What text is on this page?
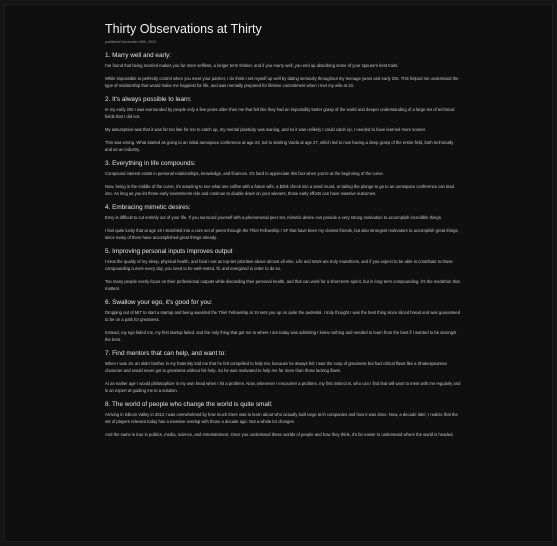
Thirty Observations at Thirty
published November 30th, 2024
1. Marry well and early:

I've found that being married makes you far more selfless, a longer term thinker, and if you marry well, you end up absorbing some of your spouse's best traits.

While impossible to perfectly control when you meet your partner, I do think I set myself up well by dating seriously throughout my teenage years and early 20s. This helped me understand the type of relationship that would make me happiest for life, and was mentally prepared for lifetime commitment when I met my wife at 23.

2. It's always possible to learn:

In my early 20s I was surrounded by people only a few years older than me that felt like they had an impossibly better grasp of the world and deeper understanding of a large set of technical fields that I did not.

My assumption was that it was far too late for me to catch up, my mental plasticity was waning, and so it was unlikely I could catch up, I needed to have learned more sooner.

This was wrong. What started as going to an initial aerospace conference at age 23, led to starting Varda at age 27, which led to now having a deep grasp of the entire field, both technically and as an industry.

3. Everything in life compounds:

Compound interest exists in personal relationships, knowledge, and finances. It's hard to appreciate this fact when you're at the beginning of the curve.

Now, being in the middle of the curve, it's amazing to see what one coffee with a future wife, a $25k check into a seed round, or taking the plunge to go to an aerospace conference can lead into. As long as you let those early investments ride and continue to double down on your winners, those early efforts can have massive outcomes.

4. Embracing mimetic desires:

Envy is difficult to cut entirely out of your life. If you surround yourself with a phenomenal peer set, mimetic desire can provide a very strong motivation to accomplish incredible things.

I feel quite lucky that at age 19 I stumbled into a core set of peers through the Thiel Fellowship / SF that have been my closest friends, but also strongest motivators to accomplish great things, since many of them have accomplished great things already.

5. Improving personal inputs improves output

I treat the quality of my sleep, physical health, and food I eat as top-tier priorities above almost all else. Life and Work are truly marathons, and if you expect to be able to contribute to those compounding curves every day, you need to be well-rested, fit, and energized in order to do so.

Too many people overly focus on their professional outputs while discarding their personal health, and that can work for a short-term sprint, but in long term compounding, it's the marathon that matters.

6. Swallow your ego, it's good for you:

Dropping out of MIT to start a startup and being awarded the Thiel Fellowship at 19 sets you up on quite the pedestal. I truly thought I was the best thing since sliced bread and was guaranteed to be on a path for greatness.

Instead, my ego failed me, my first startup failed, and the only thing that got me to where I am today was admitting I knew nothing and needed to learn from the best if I wanted to be amongst the best.

7. Find mentors that can help, and want to:

When I was 19, an older brother in my fraternity told me that he felt compelled to help me, because he always felt I was the cusp of greatness but had critical flaws like a Shakespearean character and would never get to greatness without his help. So he was motivated to help me far more than those lacking flaws.

At an earlier age I would philosophize in my own head when I hit a problem. Now, whenever I encounter a problem, my first instinct is, who can I find that will want to meet with me regularly and is an expert at guiding me to a solution.

8. The world of people who change the world is quite small:

Arriving in Silicon Valley in 2012 I was overwhelmed by how much there was to learn about who actually built large tech companies and how it was done. Now, a decade later, I realize that the set of players relevant today has a massive overlap with those a decade ago. Not a whole lot changes.

And the same is true in politics, media, science, and entertainment. Once you understand these worlds of people and how they think, it's far easier to understand where the world is headed.
